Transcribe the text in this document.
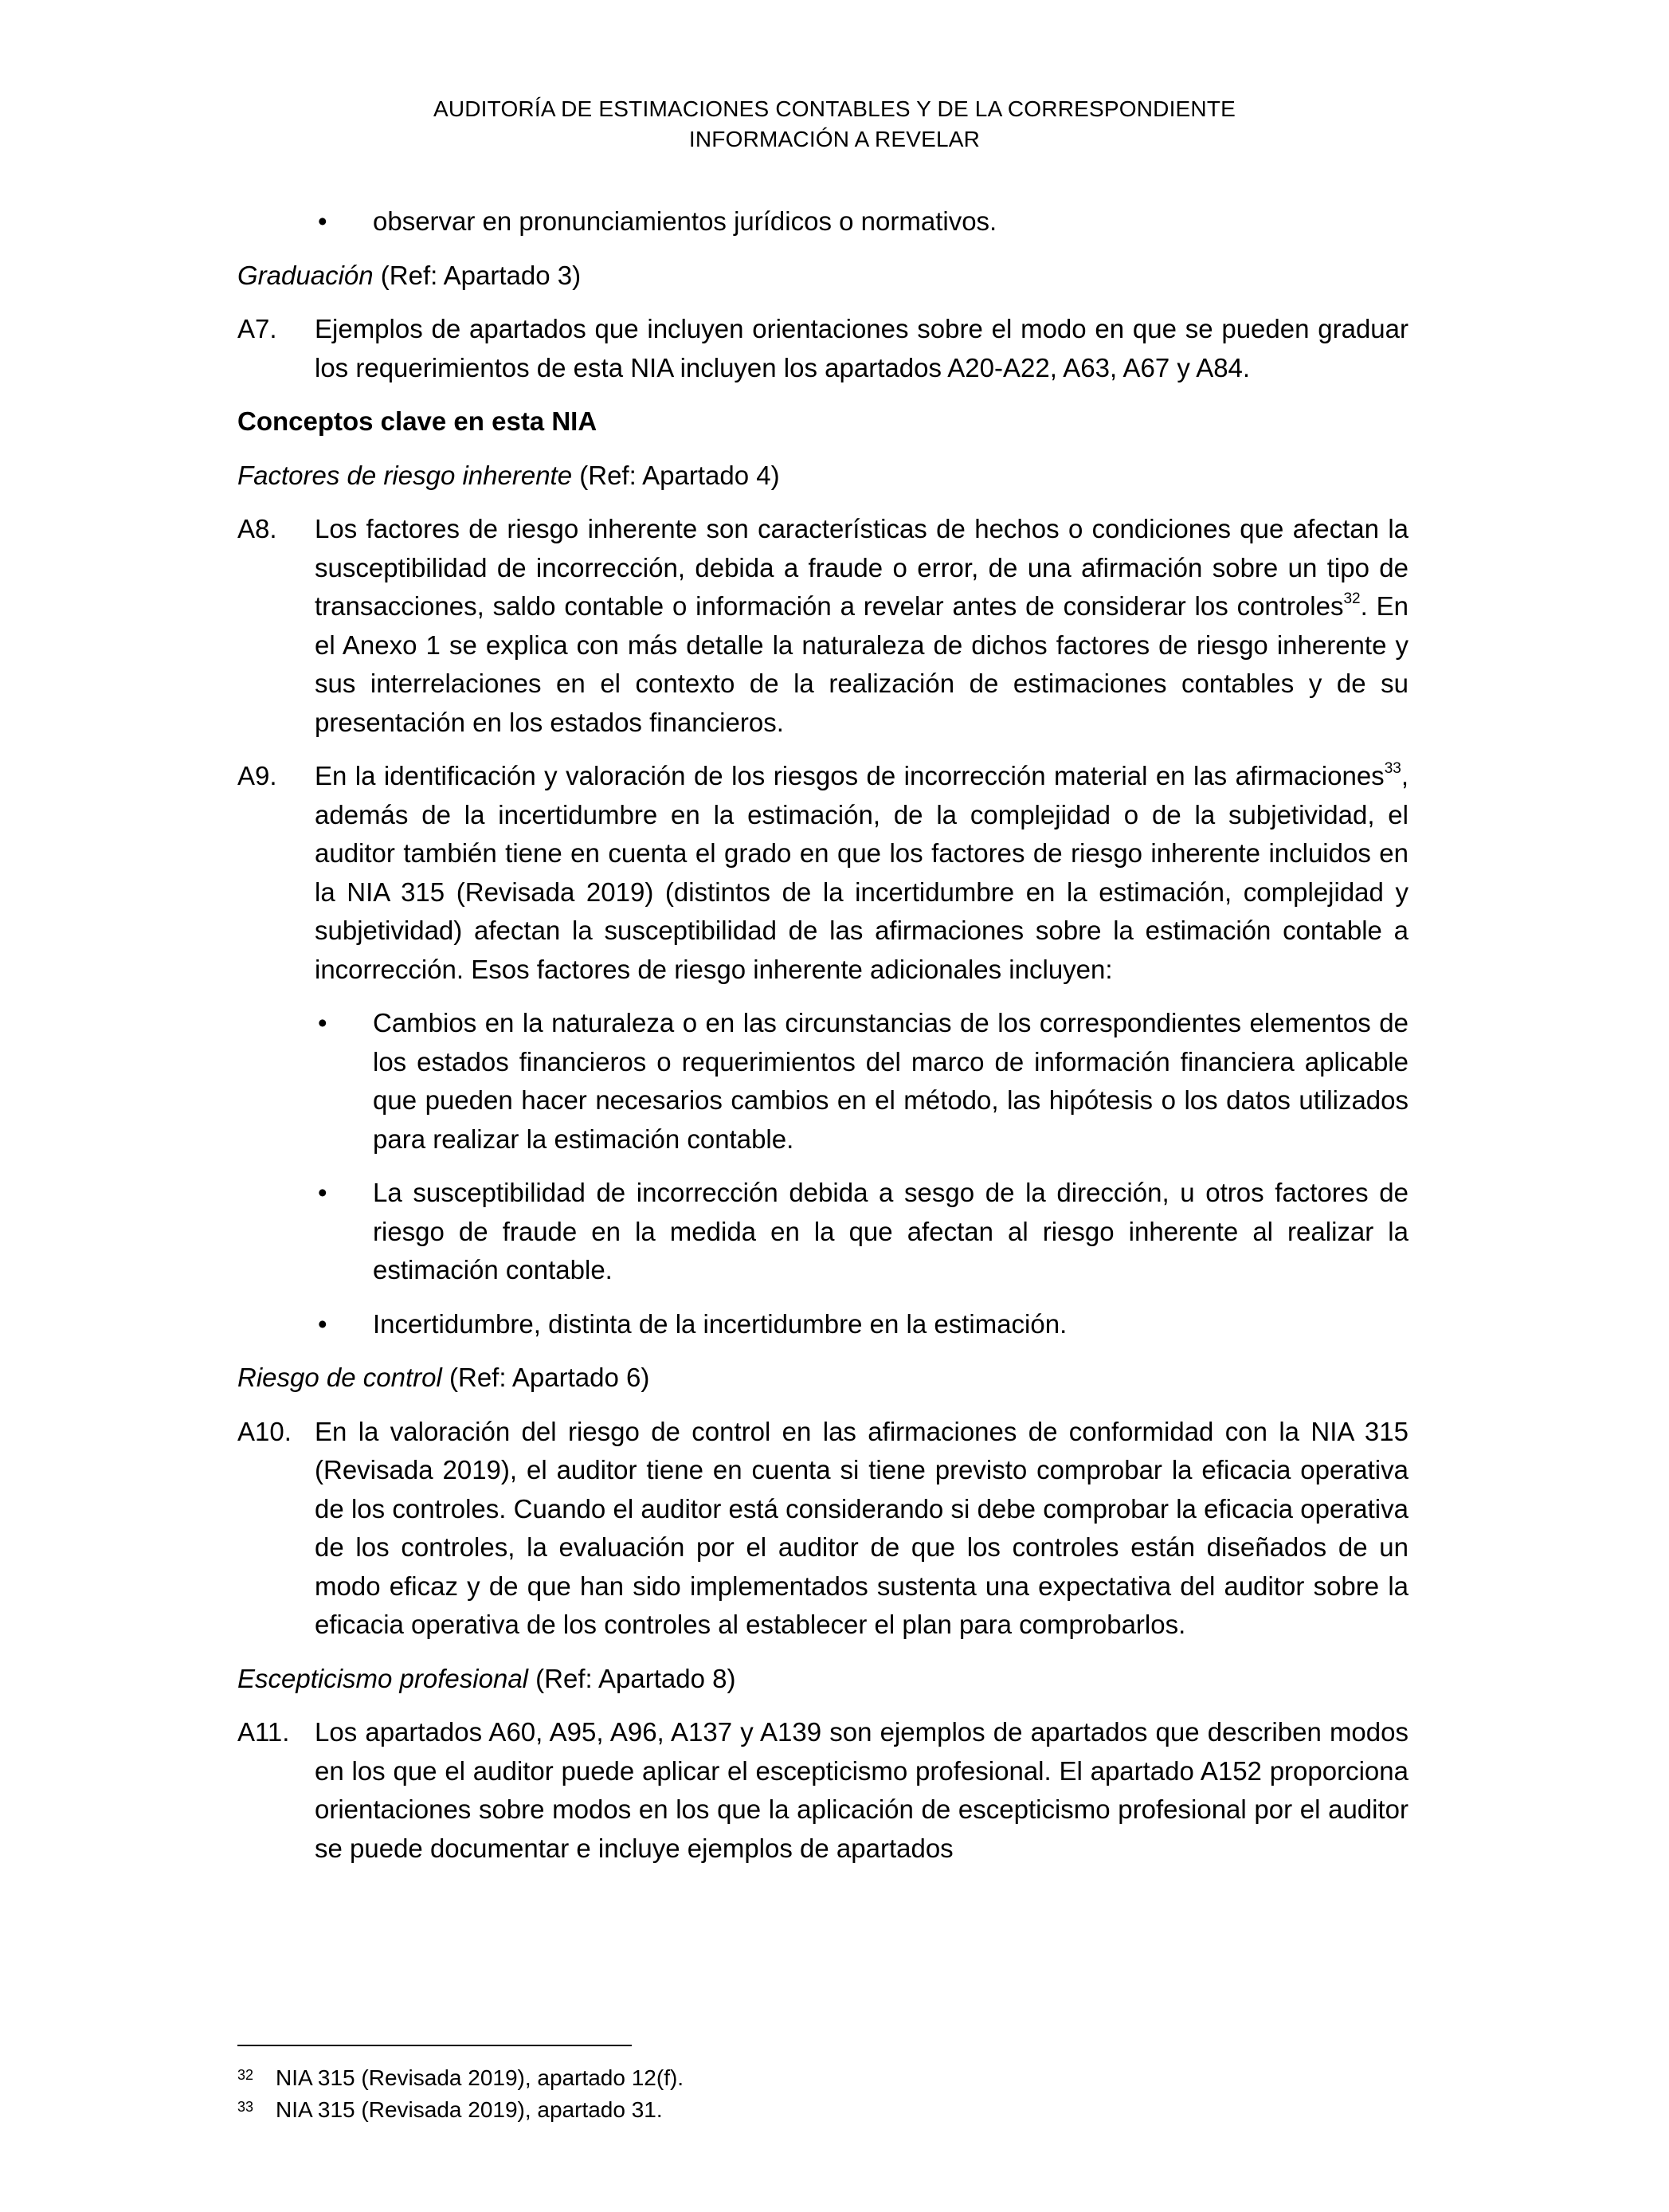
AUDITORÍA DE ESTIMACIONES CONTABLES Y DE LA CORRESPONDIENTE
INFORMACIÓN A REVELAR
• observar en pronunciamientos jurídicos o normativos.
Graduación (Ref: Apartado 3)
A7. Ejemplos de apartados que incluyen orientaciones sobre el modo en que se pueden graduar los requerimientos de esta NIA incluyen los apartados A20-A22, A63, A67 y A84.
Conceptos clave en esta NIA
Factores de riesgo inherente (Ref: Apartado 4)
A8. Los factores de riesgo inherente son características de hechos o condiciones que afectan la susceptibilidad de incorrección, debida a fraude o error, de una afirmación sobre un tipo de transacciones, saldo contable o información a revelar antes de considerar los controles$^{32}$. En el Anexo 1 se explica con más detalle la naturaleza de dichos factores de riesgo inherente y sus interrelaciones en el contexto de la realización de estimaciones contables y de su presentación en los estados financieros.
A9. En la identificación y valoración de los riesgos de incorrección material en las afirmaciones$^{33}$, además de la incertidumbre en la estimación, de la complejidad o de la subjetividad, el auditor también tiene en cuenta el grado en que los factores de riesgo inherente incluidos en la NIA 315 (Revisada 2019) (distintos de la incertidumbre en la estimación, complejidad y subjetividad) afectan la susceptibilidad de las afirmaciones sobre la estimación contable a incorrección. Esos factores de riesgo inherente adicionales incluyen:
• Cambios en la naturaleza o en las circunstancias de los correspondientes elementos de los estados financieros o requerimientos del marco de información financiera aplicable que pueden hacer necesarios cambios en el método, las hipótesis o los datos utilizados para realizar la estimación contable.
• La susceptibilidad de incorrección debida a sesgo de la dirección, u otros factores de riesgo de fraude en la medida en la que afectan al riesgo inherente al realizar la estimación contable.
• Incertidumbre, distinta de la incertidumbre en la estimación.
Riesgo de control (Ref: Apartado 6)
A10. En la valoración del riesgo de control en las afirmaciones de conformidad con la NIA 315 (Revisada 2019), el auditor tiene en cuenta si tiene previsto comprobar la eficacia operativa de los controles. Cuando el auditor está considerando si debe comprobar la eficacia operativa de los controles, la evaluación por el auditor de que los controles están diseñados de un modo eficaz y de que han sido implementados sustenta una expectativa del auditor sobre la eficacia operativa de los controles al establecer el plan para comprobarlos.
Escepticismo profesional (Ref: Apartado 8)
A11. Los apartados A60, A95, A96, A137 y A139 son ejemplos de apartados que describen modos en los que el auditor puede aplicar el escepticismo profesional. El apartado A152 proporciona orientaciones sobre modos en los que la aplicación de escepticismo profesional por el auditor se puede documentar e incluye ejemplos de apartados
32 NIA 315 (Revisada 2019), apartado 12(f).
33 NIA 315 (Revisada 2019), apartado 31.
